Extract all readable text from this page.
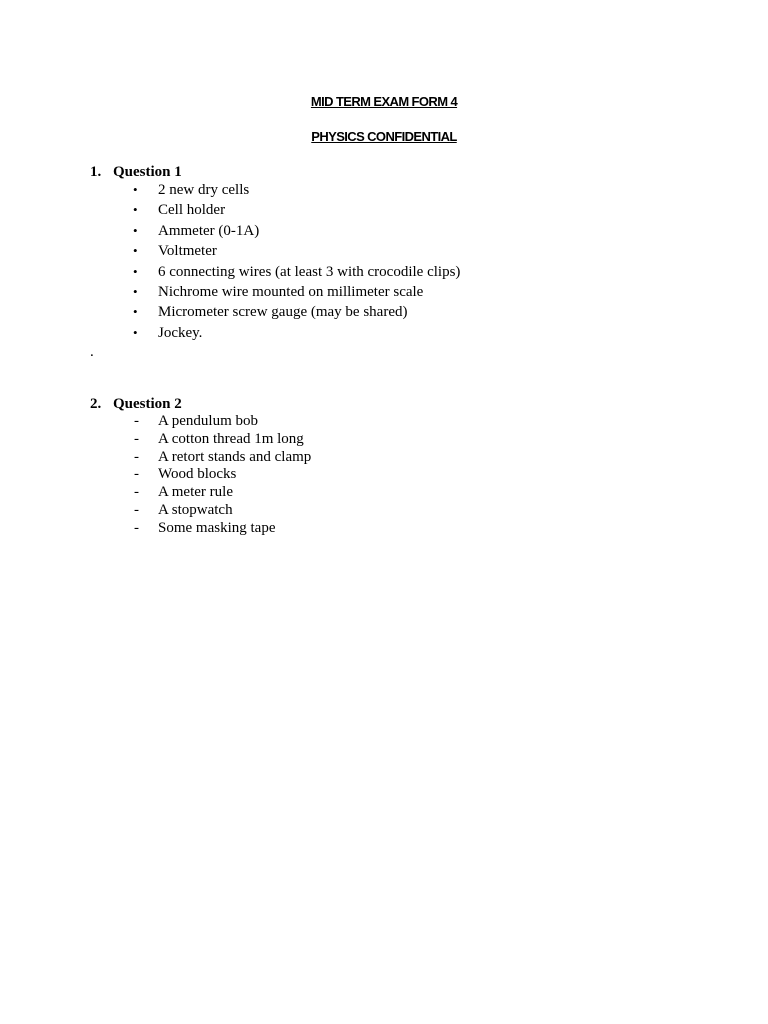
MID TERM EXAM FORM 4
PHYSICS CONFIDENTIAL
1. Question 1
• 2 new dry cells
• Cell holder
• Ammeter (0-1A)
• Voltmeter
• 6 connecting wires (at least 3 with crocodile clips)
• Nichrome wire mounted on millimeter scale
• Micrometer screw gauge (may be shared)
• Jockey.
.
2. Question 2
- A pendulum bob
- A cotton thread 1m long
- A retort stands and clamp
- Wood blocks
- A meter rule
- A stopwatch
- Some masking tape
